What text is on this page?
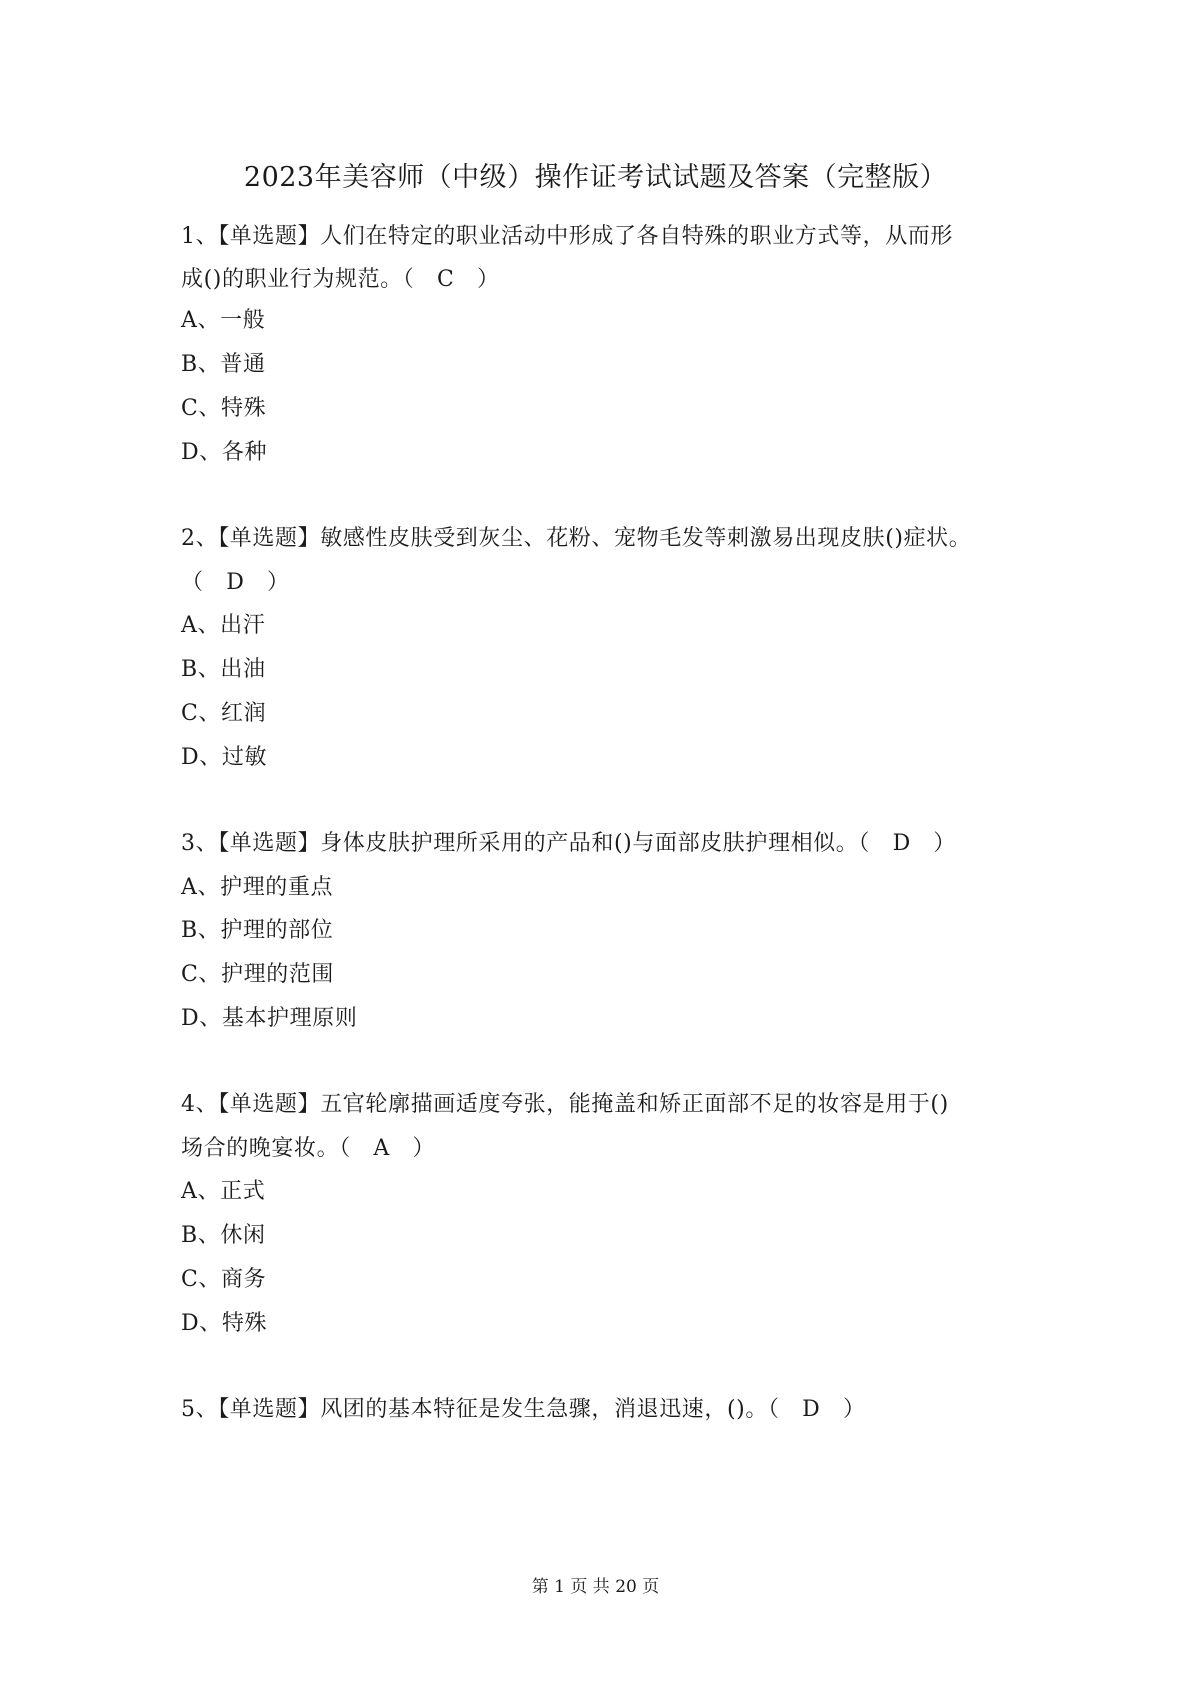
2023年美容师（中级）操作证考试试题及答案（完整版）
1、【单选题】人们在特定的职业活动中形成了各自特殊的职业方式等，从而形
成()的职业行为规范。（　C　）
A、一般
B、普通
C、特殊
D、各种
2、【单选题】敏感性皮肤受到灰尘、花粉、宠物毛发等刺激易出现皮肤()症状。
（　D　）
A、出汗
B、出油
C、红润
D、过敏
3、【单选题】身体皮肤护理所采用的产品和()与面部皮肤护理相似。（　D　）
A、护理的重点
B、护理的部位
C、护理的范围
D、基本护理原则
4、【单选题】五官轮廓描画适度夸张，能掩盖和矫正面部不足的妆容是用于()
场合的晚宴妆。（　A　）
A、正式
B、休闲
C、商务
D、特殊
5、【单选题】风团的基本特征是发生急骤，消退迅速，()。（　D　）
第 1 页 共 20 页
